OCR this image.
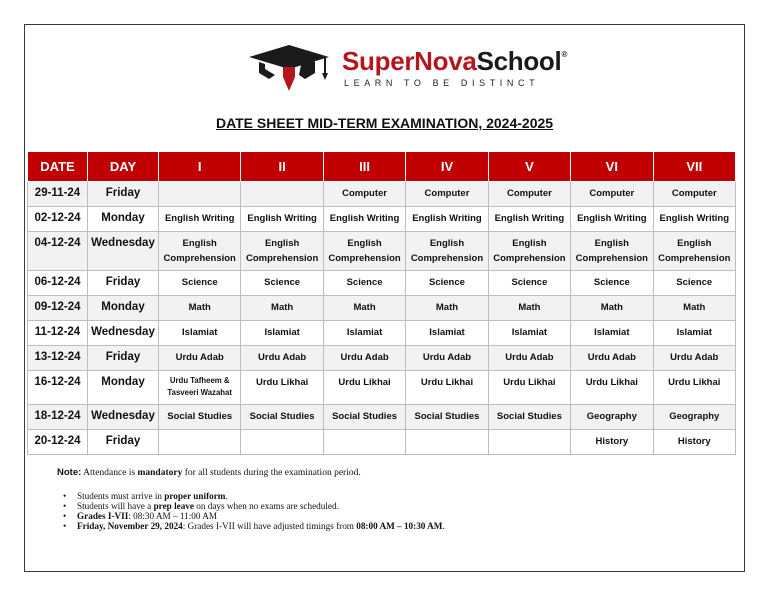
SuperNovaSchool®
LEARN TO BE DISTINCT
DATE SHEET MID-TERM EXAMINATION, 2024-2025
DATE	DAY	I	II	III	IV	V	VI	VII
29-11-24	Friday			Computer	Computer	Computer	Computer	Computer
02-12-24	Monday	English Writing	English Writing	English Writing	English Writing	English Writing	English Writing	English Writing
04-12-24	Wednesday	English Comprehension	English Comprehension	English Comprehension	English Comprehension	English Comprehension	English Comprehension	English Comprehension
06-12-24	Friday	Science	Science	Science	Science	Science	Science	Science
09-12-24	Monday	Math	Math	Math	Math	Math	Math	Math
11-12-24	Wednesday	Islamiat	Islamiat	Islamiat	Islamiat	Islamiat	Islamiat	Islamiat
13-12-24	Friday	Urdu Adab	Urdu Adab	Urdu Adab	Urdu Adab	Urdu Adab	Urdu Adab	Urdu Adab
16-12-24	Monday	Urdu Tafheem & Tasveeri Wazahat	Urdu Likhai	Urdu Likhai	Urdu Likhai	Urdu Likhai	Urdu Likhai	Urdu Likhai
18-12-24	Wednesday	Social Studies	Social Studies	Social Studies	Social Studies	Social Studies	Geography	Geography
20-12-24	Friday						History	History
Note: Attendance is mandatory for all students during the examination period.
• Students must arrive in proper uniform.
• Students will have a prep leave on days when no exams are scheduled.
• Grades I-VII: 08:30 AM – 11:00 AM
• Friday, November 29, 2024: Grades I-VII will have adjusted timings from 08:00 AM – 10:30 AM.
